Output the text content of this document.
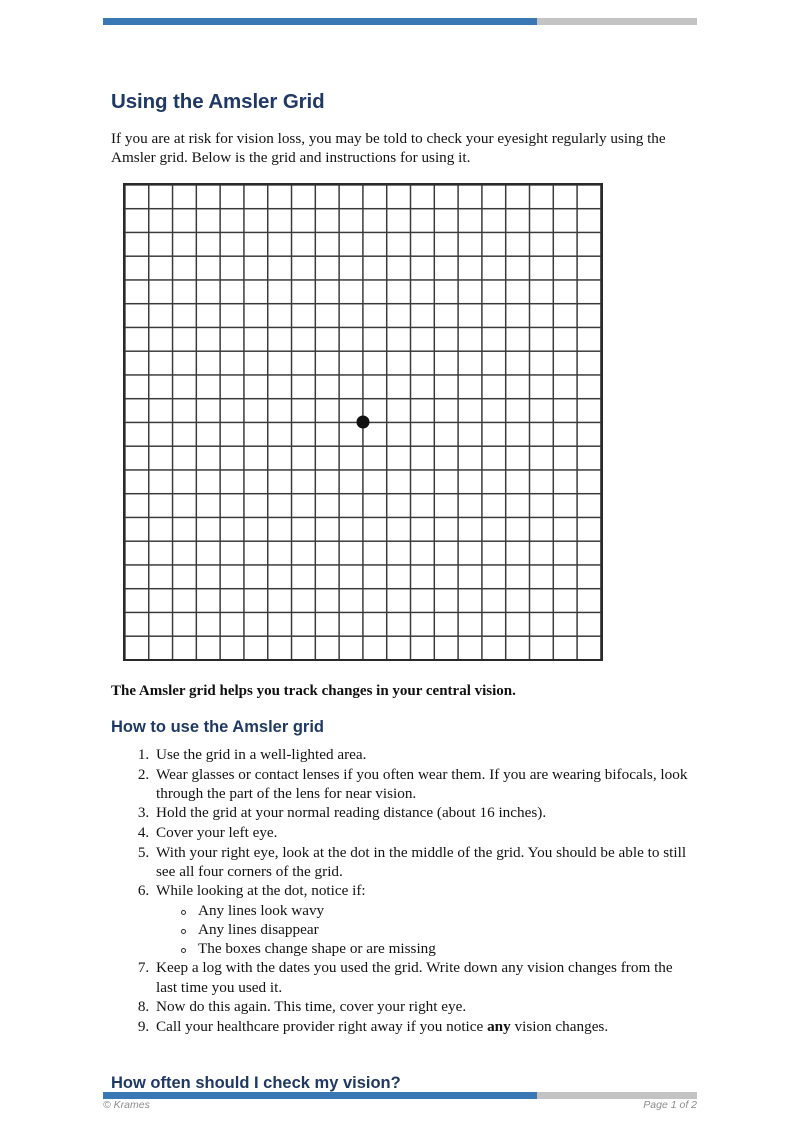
Using the Amsler Grid

If you are at risk for vision loss, you may be told to check your eyesight regularly using the Amsler grid. Below is the grid and instructions for using it.

The Amsler grid helps you track changes in your central vision.

How to use the Amsler grid
1. Use the grid in a well-lighted area.
2. Wear glasses or contact lenses if you often wear them. If you are wearing bifocals, look through the part of the lens for near vision.
3. Hold the grid at your normal reading distance (about 16 inches).
4. Cover your left eye.
5. With your right eye, look at the dot in the middle of the grid. You should be able to still see all four corners of the grid.
6. While looking at the dot, notice if:
Any lines look wavy
Any lines disappear
The boxes change shape or are missing
7. Keep a log with the dates you used the grid. Write down any vision changes from the last time you used it.
8. Now do this again. This time, cover your right eye.
9. Call your healthcare provider right away if you notice any vision changes.
How often should I check my vision?
© Krames	Page 1 of 2
